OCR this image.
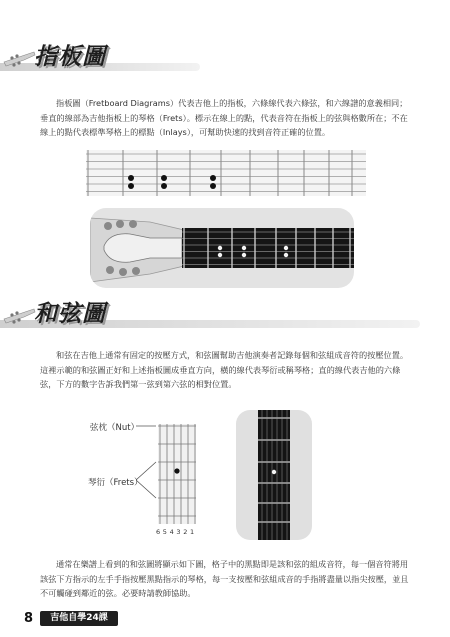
指板圖
指板圖（Fretboard Diagrams）代表吉他上的指板，六條線代表六條弦，和六線譜的意義相同；垂直的線部為吉他指板上的琴格（Frets）。標示在線上的點，代表音符在指板上的弦與格數所在；不在線上的點代表標準琴格上的標點（Inlays），可幫助快速的找到音符正確的位置。
和弦圖
和弦在吉他上通常有固定的按壓方式，和弦圖幫助吉他演奏者記錄每個和弦組成音符的按壓位置。這裡示範的和弦圖正好和上述指板圖成垂直方向，橫的線代表琴衍或稱琴格；直的線代表吉他的六條弦，下方的數字告訴我們第一弦到第六弦的相對位置。
弦枕（Nut）
琴衍（Frets）
6 5 4 3 2 1
通常在樂譜上看到的和弦圖將顯示如下圖，格子中的黑點即是該和弦的組成音符，每一個音符將用該弦下方指示的左手手指按壓黑點指示的琴格，每一支按壓和弦組成音的手指將盡量以指尖按壓，並且不可觸碰到鄰近的弦。必要時請教師協助。
8	吉他自學24課
